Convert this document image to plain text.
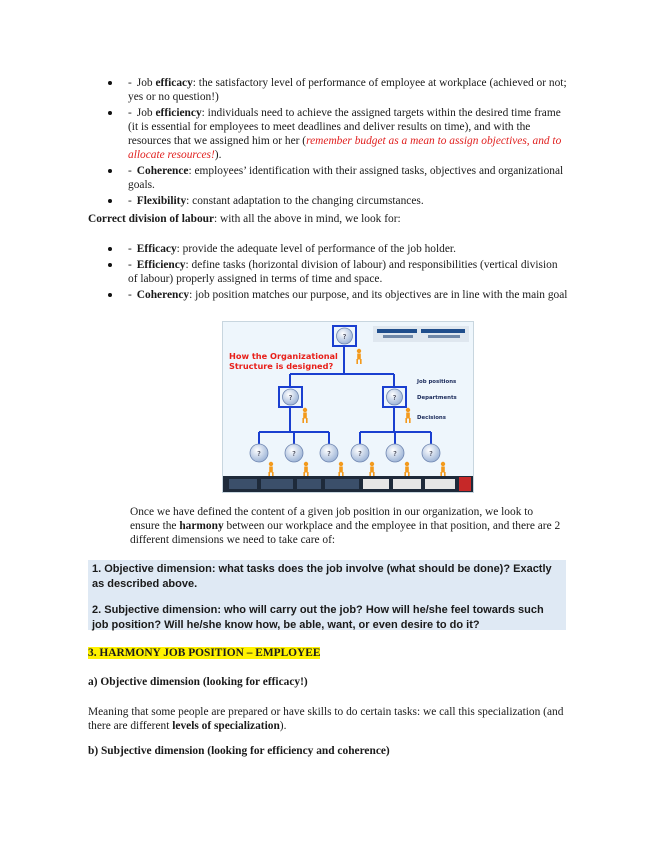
- Job efficacy: the satisfactory level of performance of employee at workplace (achieved or not; yes or no question!)
- Job efficiency: individuals need to achieve the assigned targets within the desired time frame (it is essential for employees to meet deadlines and deliver results on time), and with the resources that we assigned him or her (remember budget as a mean to assign objectives, and to allocate resources!).
- Coherence: employees’ identification with their assigned tasks, objectives and organizational goals.
- Flexibility: constant adaptation to the changing circumstances.
Correct division of labour: with all the above in mind, we look for:
- Efficacy: provide the adequate level of performance of the job holder.
- Efficiency: define tasks (horizontal division of labour) and responsibilities (vertical division of labour) properly assigned in terms of time and space.
- Coherency: job position matches our purpose, and its objectives are in line with the main goal
How the Organizational
Structure is designed?
Job positions
Departments
Decisions
?
?	?
?	?	?	?	?	?
Once we have defined the content of a given job position in our organization, we look to ensure the harmony between our workplace and the employee in that position, and there are 2 different dimensions we need to take care of:

1. Objective dimension: what tasks does the job involve (what should be done)? Exactly as described above.

2. Subjective dimension: who will carry out the job? How will he/she feel towards such job position? Will he/she know how, be able, want, or even desire to do it?

3. HARMONY JOB POSITION – EMPLOYEE
a) Objective dimension (looking for efficacy!)
Meaning that some people are prepared or have skills to do certain tasks: we call this specialization (and there are different levels of specialization).
b) Subjective dimension (looking for efficiency and coherence)
